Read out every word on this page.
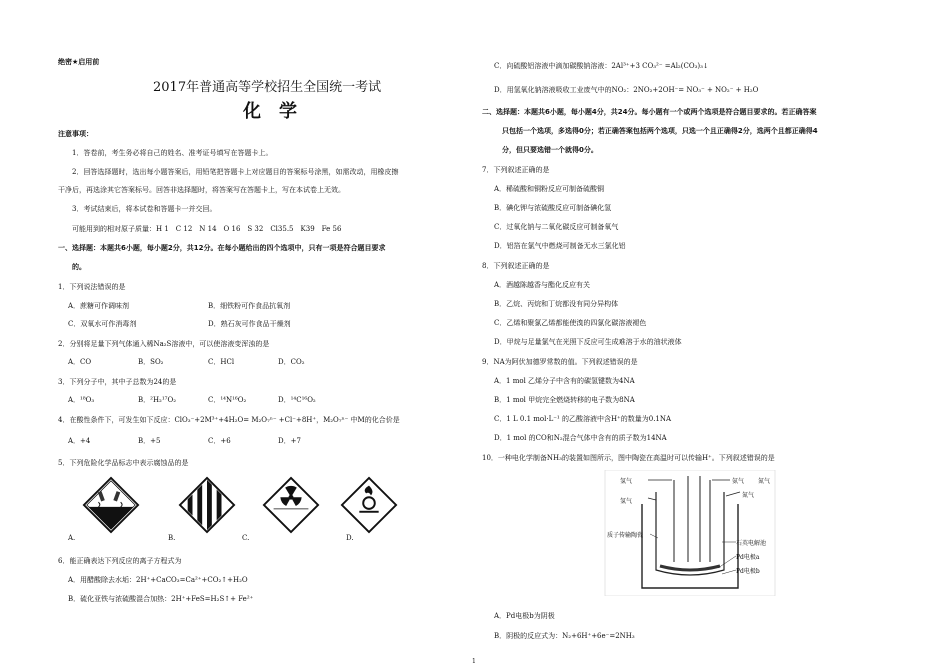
绝密★启用前
2017年普通高等学校招生全国统一考试
化学
注意事项：
1．答卷前，考生务必将自己的姓名、准考证号填写在答题卡上。
2．回答选择题时，选出每小题答案后，用铅笔把答题卡上对应题目的答案标号涂黑，如需改动，用橡皮擦
干净后，再选涂其它答案标号。回答非选择题时，将答案写在答题卡上，写在本试卷上无效。
3．考试结束后，将本试卷和答题卡一并交回。
可能用到的相对原子质量：H 1　C 12　N 14　O 16　S 32　Cl35.5　K39　Fe 56
一、选择题：本题共6小题，每小题2分，共12分。在每小题给出的四个选项中，只有一项是符合题目要求
的。
1．下列说法错误的是
A．蔗糖可作调味剂	B．细铁粉可作食品抗氧剂
C．双氧水可作消毒剂	D．熟石灰可作食品干燥剂
2．分别将足量下列气体通入稀Na₂S溶液中，可以使溶液变浑浊的是
A．CO	B．SO₂	C．HCl	D．CO₂
3．下列分子中，其中子总数为24的是
A．¹⁸O₃	B．²H₂¹⁷O₂	C．¹⁴N¹⁶O₂	D．¹⁴C¹⁶O₂
4．在酸性条件下，可发生如下反应：ClO₃⁻+2M³⁺+4H₂O= M₂O₇ⁿ⁻ +Cl⁻+8H⁺，M₂O₇ⁿ⁻ 中M的化合价是
A．+4	B．+5	C．+6	D．+7
5．下列危险化学品标志中表示腐蚀品的是
A.	B.	C.	D.
6．能正确表达下列反应的离子方程式为
A．用醋酸除去水垢：2H⁺+CaCO₃=Ca²⁺+CO₂↑+H₂O
B．硫化亚铁与浓硫酸混合加热：2H⁺+FeS=H₂S↑+ Fe²⁺
C．向硫酸铝溶液中滴加碳酸钠溶液：2Al³⁺+3 CO₃²⁻ =Al₂(CO₃)₃↓
D．用氢氧化钠溶液吸收工业废气中的NO₂：2NO₂+2OH⁻= NO₃⁻ + NO₂⁻ + H₂O
二、选择题：本题共6小题，每小题4分，共24分。每小题有一个或两个选项是符合题目要求的。若正确答案
只包括一个选项，多选得0分；若正确答案包括两个选项，只选一个且正确得2分，选两个且都正确得4
分，但只要选错一个就得0分。
7．下列叙述正确的是
A．稀硫酸和铜粉反应可制备硫酸铜
B．碘化钾与浓硫酸反应可制备碘化氢
C．过氧化钠与二氧化碳反应可制备氧气
D．铝箔在氯气中燃烧可制备无水三氯化铝
8．下列叙述正确的是
A．酒越陈越香与酯化反应有关
B．乙烷、丙烷和丁烷都没有同分异构体
C．乙烯和聚氯乙烯都能使溴的四氯化碳溶液褪色
D．甲烷与足量氯气在光照下反应可生成难溶于水的油状液体
9．NA为阿伏加德罗常数的值。下列叙述错误的是
A．1 mol 乙烯分子中含有的碳氢键数为4NA
B．1 mol 甲烷完全燃烧转移的电子数为8NA
C．1 L 0.1 mol·L⁻¹ 的乙酸溶液中含H⁺的数量为0.1NA
D．1 mol 的CO和N₂混合气体中含有的质子数为14NA
10．一种电化学制备NH₃的装置如图所示，图中陶瓷在高温时可以传输H⁺。下列叙述错误的是
A．Pd电极b为阴极
B．阴极的反应式为：N₂+6H⁺+6e⁻=2NH₃
氢气
氢气
氨气 氮气
氮气
质子传输陶瓷
石英电解池
Pd电极a
Pd电极b
1
